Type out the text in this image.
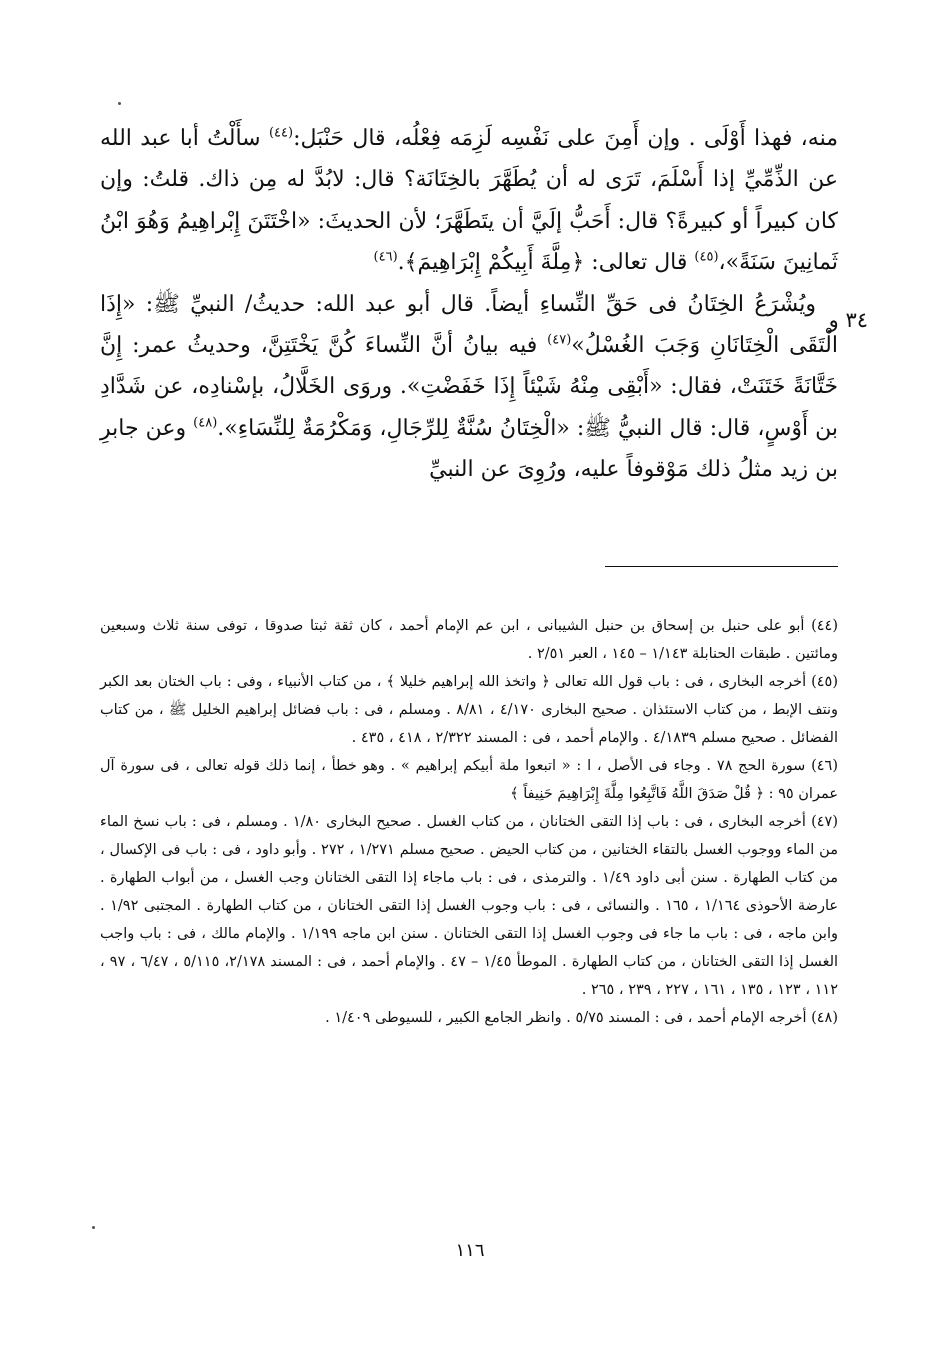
٣٤ و

منه، فهذا أَوْلَى . وإن أَمِنَ على نَفْسِه لَزِمَه فِعْلُه، قال حَنْبَل:$^{(٤٤)}$ سأَلْتُ أبا عبد الله عن الذِّمِّيِّ إذا أَسْلَمَ، تَرَى له أن يُطَهَّرَ بالخِتَانَة؟ قال: لابُدَّ له مِن ذاك. قلتُ: وإن كان كبيراً أو كبيرةً؟ قال: أَحَبُّ إلَيَّ أن يتَطَهَّرَ؛ لأن الحديثَ: «اخْتَتَنَ إِبْراهِيمُ وَهُوَ ابْنُ ثَمانِينَ سَنَةً»،$^{(٤٥)}$ قال تعالى: ﴿مِلَّةَ أَبِيكُمْ إِبْرَاهِيمَ﴾.$^{(٤٦)}$

ويُشْرَعُ الخِتَانُ فى حَقِّ النِّساءِ أيضاً. قال أبو عبد الله: حديثُ/ النبيِّ ﷺ: «إِذَا الْتَقَى الْخِتَانَانِ وَجَبَ الغُسْلُ»$^{(٤٧)}$ فيه بيانُ أنَّ النِّساءَ كُنَّ يَخْتَتِنَّ، وحديثُ عمر: إِنَّ خَتَّانَةً خَتَنَتْ، فقال: «أَبْقِى مِنْهُ شَيْئاً إِذَا خَفَضْتِ». وروَى الخَلَّالُ، بإسْنادِه، عن شَدَّادِ بن أَوْسٍ، قال: قال النبيُّ ﷺ: «الْخِتَانُ سُنَّةٌ لِلرِّجَالِ، وَمَكْرُمَةٌ لِلنِّسَاءِ».$^{(٤٨)}$ وعن جابرِ بن زيد مثلُ ذلك مَوْقوفاً عليه، ورُوِىَ عن النبيِّ

(٤٤) أبو على حنبل بن إسحاق بن حنبل الشيبانى ، ابن عم الإمام أحمد ، كان ثقة ثبتا صدوقا ، توفى سنة ثلاث وسبعين ومائتين . طبقات الحنابلة ١/١٤٣ – ١٤٥ ، العبر ٢/٥١ .

(٤٥) أخرجه البخارى ، فى : باب قول الله تعالى ﴿ واتخذ الله إبراهيم خليلا ﴾ ، من كتاب الأنبياء ، وفى : باب الختان بعد الكبر ونتف الإبط ، من كتاب الاستئذان . صحيح البخارى ٤/١٧٠ ، ٨/٨١ . ومسلم ، فى : باب فضائل إبراهيم الخليل ﷺ ، من كتاب الفضائل . صحيح مسلم ٤/١٨٣٩ . والإمام أحمد ، فى : المسند ٢/٣٢٢ ، ٤١٨ ، ٤٣٥ .

(٤٦) سورة الحج ٧٨ . وجاء فى الأصل ، ا : « اتبعوا ملة أبيكم إبراهيم » . وهو خطأ ، إنما ذلك قوله تعالى ، فى سورة آل عمران ٩٥ : ﴿ قُلْ صَدَقَ اللَّهُ فَاتَّبِعُوا مِلَّةَ إِبْرَاهِيمَ حَنِيفاً ﴾

(٤٧) أخرجه البخارى ، فى : باب إذا التقى الختانان ، من كتاب الغسل . صحيح البخارى ١/٨٠ . ومسلم ، فى : باب نسخ الماء من الماء ووجوب الغسل بالتقاء الختانين ، من كتاب الحيض . صحيح مسلم ١/٢٧١ ، ٢٧٢ . وأبو داود ، فى : باب فى الإكسال ، من كتاب الطهارة . سنن أبى داود ١/٤٩ . والترمذى ، فى : باب ماجاء إذا التقى الختانان وجب الغسل ، من أبواب الطهارة . عارضة الأحوذى ١/١٦٤ ، ١٦٥ . والنسائى ، فى : باب وجوب الغسل إذا التقى الختانان ، من كتاب الطهارة . المجتبى ١/٩٢ . وابن ماجه ، فى : باب ما جاء فى وجوب الغسل إذا التقى الختانان . سنن ابن ماجه ١/١٩٩ . والإمام مالك ، فى : باب واجب الغسل إذا التقى الختانان ، من كتاب الطهارة . الموطأ ١/٤٥ – ٤٧ . والإمام أحمد ، فى : المسند ٢/١٧٨، ٥/١١٥ ، ٦/٤٧ ، ٩٧ ، ١١٢ ، ١٢٣ ، ١٣٥ ، ١٦١ ، ٢٢٧ ، ٢٣٩ ، ٢٦٥ .

(٤٨) أخرجه الإمام أحمد ، فى : المسند ٥/٧٥ . وانظر الجامع الكبير ، للسيوطى ١/٤٠٩ .

١١٦
